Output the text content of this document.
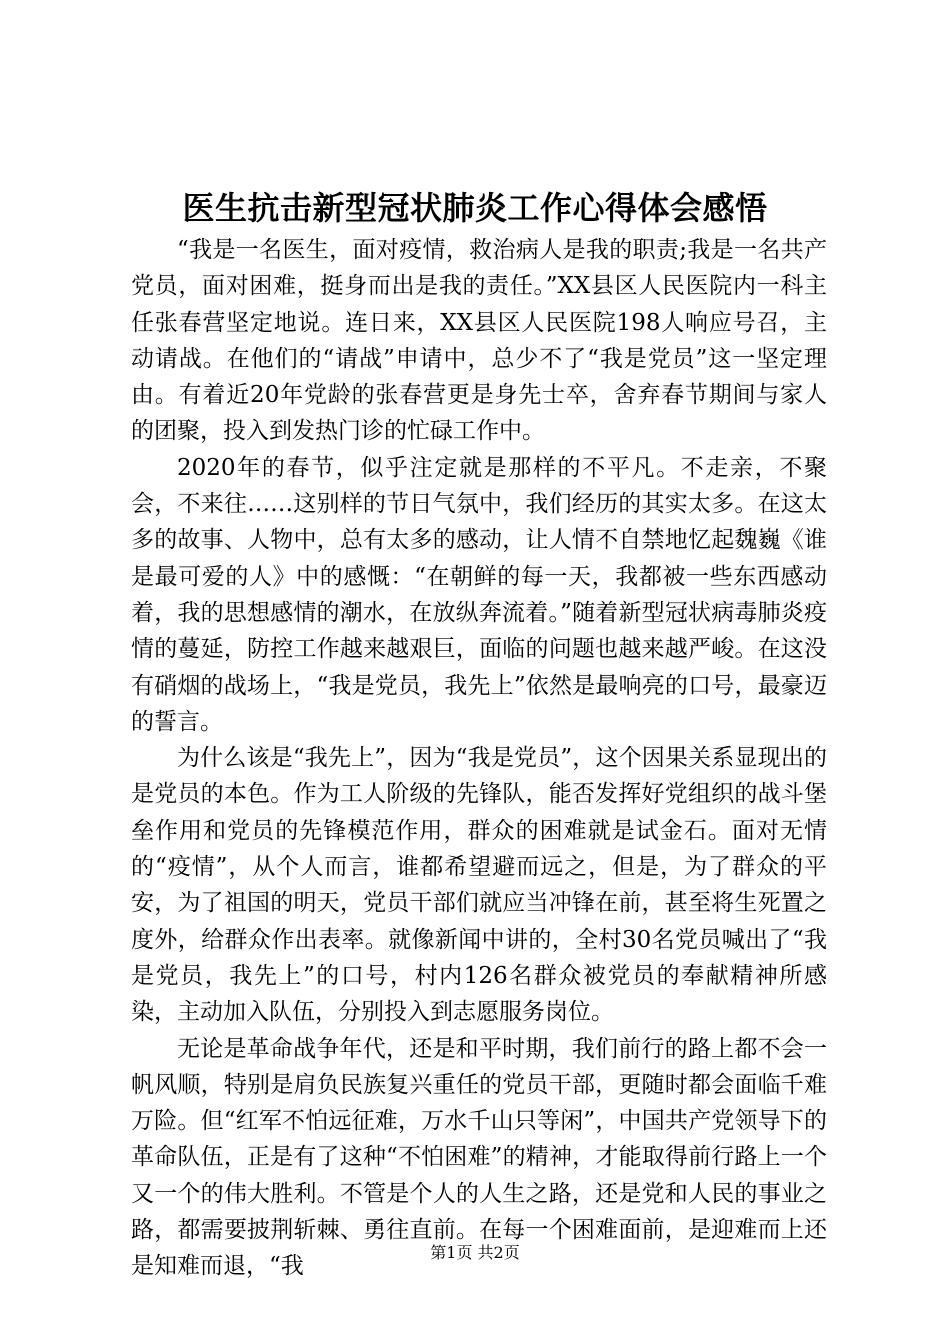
医生抗击新型冠状肺炎工作心得体会感悟

“我是一名医生，面对疫情，救治病人是我的职责;我是一名共产党员，面对困难，挺身而出是我的责任。”XX县区人民医院内一科主任张春营坚定地说。连日来，XX县区人民医院198人响应号召，主动请战。在他们的“请战”申请中，总少不了“我是党员”这一坚定理由。有着近20年党龄的张春营更是身先士卒，舍弃春节期间与家人的团聚，投入到发热门诊的忙碌工作中。

2020年的春节，似乎注定就是那样的不平凡。不走亲，不聚会，不来往……这别样的节日气氛中，我们经历的其实太多。在这太多的故事、人物中，总有太多的感动，让人情不自禁地忆起魏巍《谁是最可爱的人》中的感慨：“在朝鲜的每一天，我都被一些东西感动着，我的思想感情的潮水，在放纵奔流着。”随着新型冠状病毒肺炎疫情的蔓延，防控工作越来越艰巨，面临的问题也越来越严峻。在这没有硝烟的战场上，“我是党员，我先上”依然是最响亮的口号，最豪迈的誓言。

为什么该是“我先上”，因为“我是党员”，这个因果关系显现出的是党员的本色。作为工人阶级的先锋队，能否发挥好党组织的战斗堡垒作用和党员的先锋模范作用，群众的困难就是试金石。面对无情的“疫情”，从个人而言，谁都希望避而远之，但是，为了群众的平安，为了祖国的明天，党员干部们就应当冲锋在前，甚至将生死置之度外，给群众作出表率。就像新闻中讲的，全村30名党员喊出了“我是党员，我先上”的口号，村内126名群众被党员的奉献精神所感染，主动加入队伍，分别投入到志愿服务岗位。

无论是革命战争年代，还是和平时期，我们前行的路上都不会一帆风顺，特别是肩负民族复兴重任的党员干部，更随时都会面临千难万险。但“红军不怕远征难，万水千山只等闲”，中国共产党领导下的革命队伍，正是有了这种“不怕困难”的精神，才能取得前行路上一个又一个的伟大胜利。不管是个人的人生之路，还是党和人民的事业之路，都需要披荆斩棘、勇往直前。在每一个困难面前，是迎难而上还是知难而退，“我

第1页 共2页
